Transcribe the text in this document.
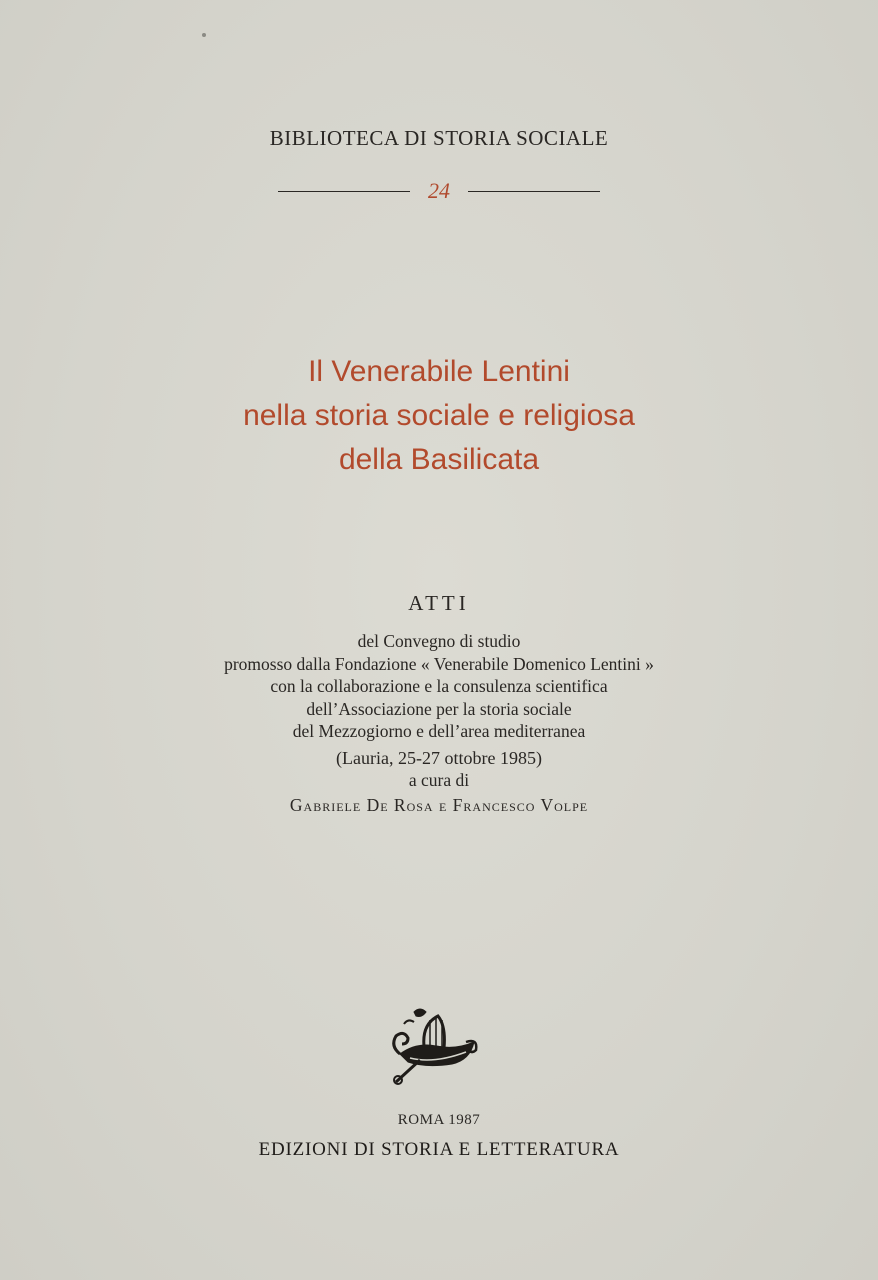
BIBLIOTECA DI STORIA SOCIALE
24
Il Venerabile Lentini
nella storia sociale e religiosa
della Basilicata
ATTI
del Convegno di studio
promosso dalla Fondazione « Venerabile Domenico Lentini »
con la collaborazione e la consulenza scientifica
dell’Associazione per la storia sociale
del Mezzogiorno e dell’area mediterranea
(Lauria, 25-27 ottobre 1985)
a cura di
Gabriele De Rosa e Francesco Volpe
ROMA 1987
EDIZIONI DI STORIA E LETTERATURA
